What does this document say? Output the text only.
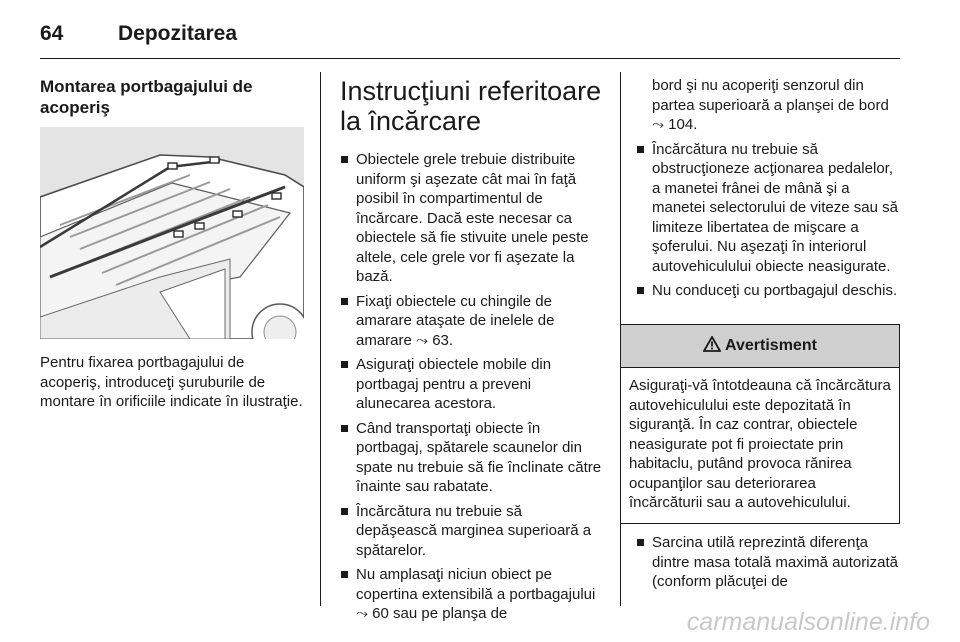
64	Depozitarea
Montarea portbagajului de acoperiş
Pentru fixarea portbagajului de acoperiş, introduceţi şuruburile de montare în orificiile indicate în ilustraţie.
Instrucţiuni referitoare la încărcare
Obiectele grele trebuie distribuite uniform şi aşezate cât mai în faţă posibil în compartimentul de încărcare. Dacă este necesar ca obiectele să fie stivuite unele peste altele, cele grele vor fi aşezate la bază.
Fixaţi obiectele cu chingile de amarare ataşate de inelele de amarare ⤳ 63.
Asiguraţi obiectele mobile din portbagaj pentru a preveni alunecarea acestora.
Când transportaţi obiecte în portbagaj, spătarele scaunelor din spate nu trebuie să fie înclinate către înainte sau rabatate.
Încărcătura nu trebuie să depăşească marginea superioară a spătarelor.
Nu amplasaţi niciun obiect pe copertina extensibilă a portbagajului ⤳ 60 sau pe planşa de

bord şi nu acoperiţi senzorul din partea superioară a planşei de bord ⤳ 104.

Încărcătura nu trebuie să obstrucţioneze acţionarea pedalelor, a manetei frânei de mână şi a manetei selectorului de viteze sau să limiteze libertatea de mişcare a şoferului. Nu aşezaţi în interiorul autovehiculului obiecte neasigurate.
Nu conduceţi cu portbagajul deschis.
Avertisment
Asiguraţi-vă întotdeauna că încărcătura autovehiculului este depozitată în siguranţă. În caz contrar, obiectele neasigurate pot fi proiectate prin habitaclu, putând provoca rănirea ocupanţilor sau deteriorarea încărcăturii sau a autovehiculului.
Sarcina utilă reprezintă diferenţa dintre masa totală maximă autorizată (conform plăcuţei de
carmanualsonline.info
